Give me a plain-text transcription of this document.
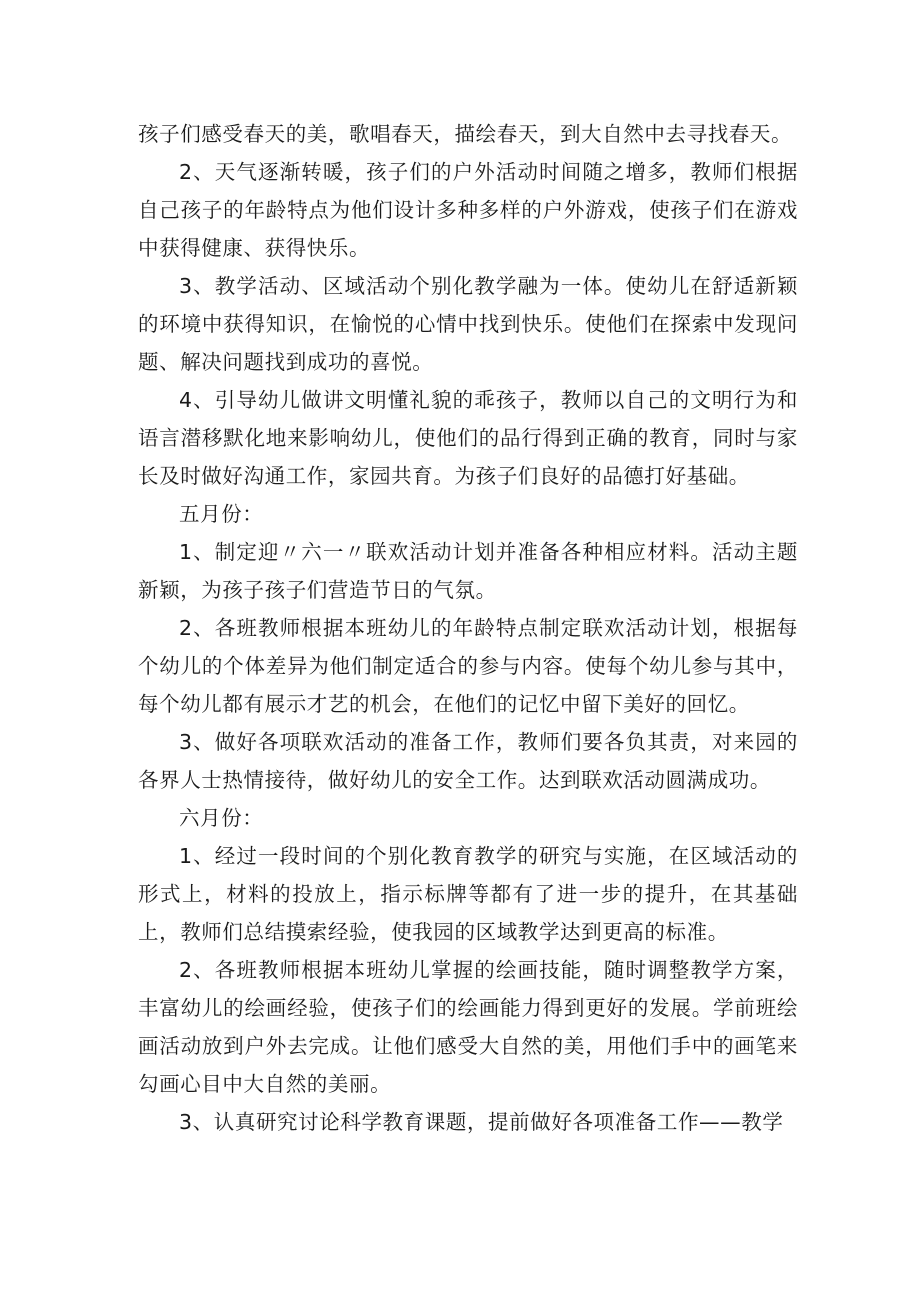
孩子们感受春天的美，歌唱春天，描绘春天，到大自然中去寻找春天。

2、天气逐渐转暖，孩子们的户外活动时间随之增多，教师们根据自己孩子的年龄特点为他们设计多种多样的户外游戏，使孩子们在游戏中获得健康、获得快乐。

3、教学活动、区域活动个别化教学融为一体。使幼儿在舒适新颖的环境中获得知识，在愉悦的心情中找到快乐。使他们在探索中发现问题、解决问题找到成功的喜悦。

4、引导幼儿做讲文明懂礼貌的乖孩子，教师以自己的文明行为和语言潜移默化地来影响幼儿，使他们的品行得到正确的教育，同时与家长及时做好沟通工作，家园共育。为孩子们良好的品德打好基础。

五月份：

1、制定迎〃六一〃联欢活动计划并准备各种相应材料。活动主题新颖，为孩子孩子们营造节日的气氛。

2、各班教师根据本班幼儿的年龄特点制定联欢活动计划，根据每个幼儿的个体差异为他们制定适合的参与内容。使每个幼儿参与其中，每个幼儿都有展示才艺的机会，在他们的记忆中留下美好的回忆。

3、做好各项联欢活动的准备工作，教师们要各负其责，对来园的各界人士热情接待，做好幼儿的安全工作。达到联欢活动圆满成功。

六月份：

1、经过一段时间的个别化教育教学的研究与实施，在区域活动的形式上，材料的投放上，指示标牌等都有了进一步的提升，在其基础上，教师们总结摸索经验，使我园的区域教学达到更高的标准。

2、各班教师根据本班幼儿掌握的绘画技能，随时调整教学方案，丰富幼儿的绘画经验，使孩子们的绘画能力得到更好的发展。学前班绘画活动放到户外去完成。让他们感受大自然的美，用他们手中的画笔来勾画心目中大自然的美丽。

3、认真研究讨论科学教育课题，提前做好各项准备工作——教学
